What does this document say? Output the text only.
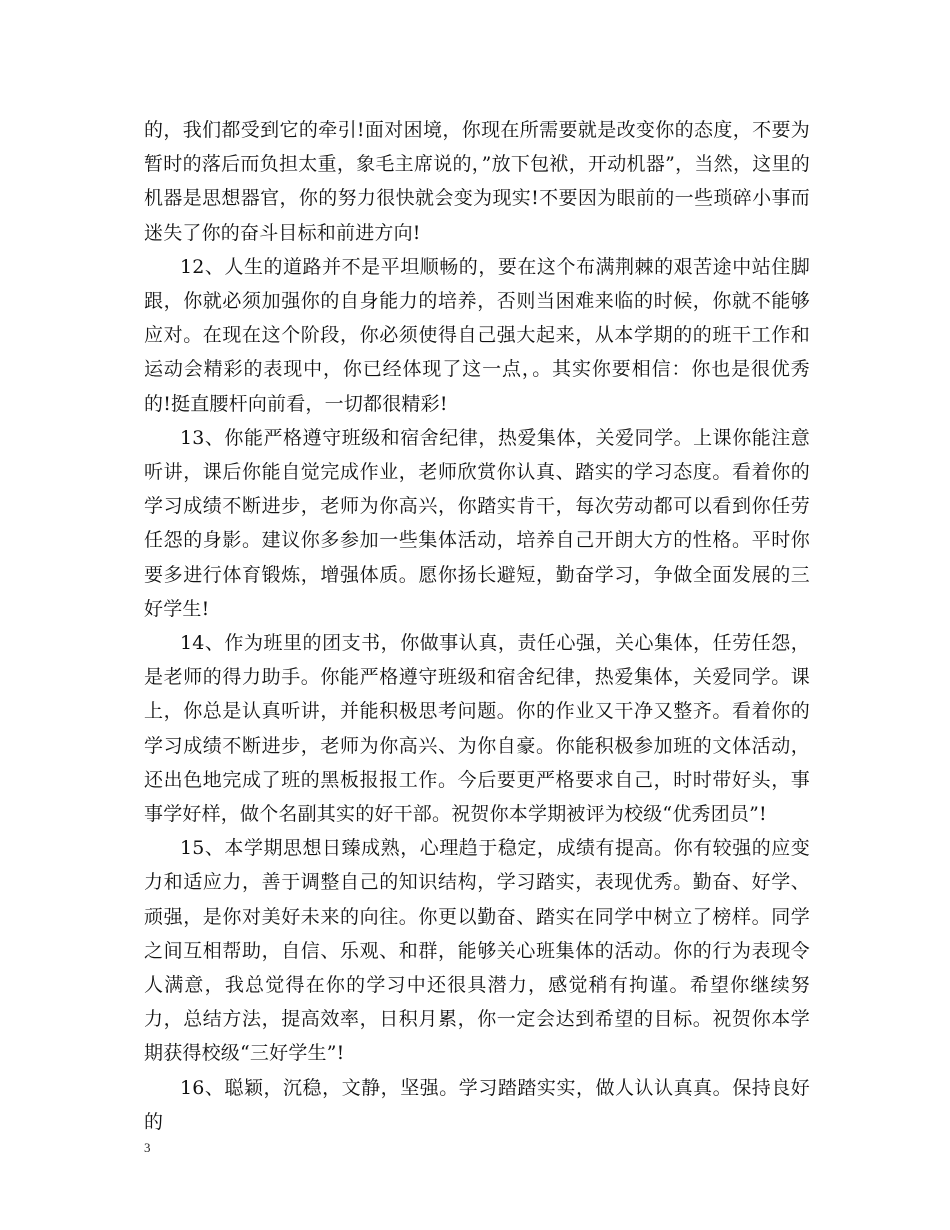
的，我们都受到它的牵引!面对困境，你现在所需要就是改变你的态度，不要为暂时的落后而负担太重，象毛主席说的，”放下包袱，开动机器”，当然，这里的机器是思想器官，你的努力很快就会变为现实!不要因为眼前的一些琐碎小事而迷失了你的奋斗目标和前进方向!

12、人生的道路并不是平坦顺畅的，要在这个布满荆棘的艰苦途中站住脚跟，你就必须加强你的自身能力的培养，否则当困难来临的时候，你就不能够应对。在现在这个阶段，你必须使得自己强大起来，从本学期的的班干工作和运动会精彩的表现中，你已经体现了这一点，。其实你要相信：你也是很优秀的!挺直腰杆向前看，一切都很精彩!

13、你能严格遵守班级和宿舍纪律，热爱集体，关爱同学。上课你能注意听讲，课后你能自觉完成作业，老师欣赏你认真、踏实的学习态度。看着你的学习成绩不断进步，老师为你高兴，你踏实肯干，每次劳动都可以看到你任劳任怨的身影。建议你多参加一些集体活动，培养自己开朗大方的性格。平时你要多进行体育锻炼，增强体质。愿你扬长避短，勤奋学习，争做全面发展的三好学生!

14、作为班里的团支书，你做事认真，责任心强，关心集体，任劳任怨，是老师的得力助手。你能严格遵守班级和宿舍纪律，热爱集体，关爱同学。课上，你总是认真听讲，并能积极思考问题。你的作业又干净又整齐。看着你的学习成绩不断进步，老师为你高兴、为你自豪。你能积极参加班的文体活动，还出色地完成了班的黑板报报工作。今后要更严格要求自己，时时带好头，事事学好样，做个名副其实的好干部。祝贺你本学期被评为校级“优秀团员”!

15、本学期思想日臻成熟，心理趋于稳定，成绩有提高。你有较强的应变力和适应力，善于调整自己的知识结构，学习踏实，表现优秀。勤奋、好学、顽强，是你对美好未来的向往。你更以勤奋、踏实在同学中树立了榜样。同学之间互相帮助，自信、乐观、和群，能够关心班集体的活动。你的行为表现令人满意，我总觉得在你的学习中还很具潜力，感觉稍有拘谨。希望你继续努力，总结方法，提高效率，日积月累，你一定会达到希望的目标。祝贺你本学期获得校级“三好学生”!

16、聪颖，沉稳，文静，坚强。学习踏踏实实，做人认认真真。保持良好的

3
